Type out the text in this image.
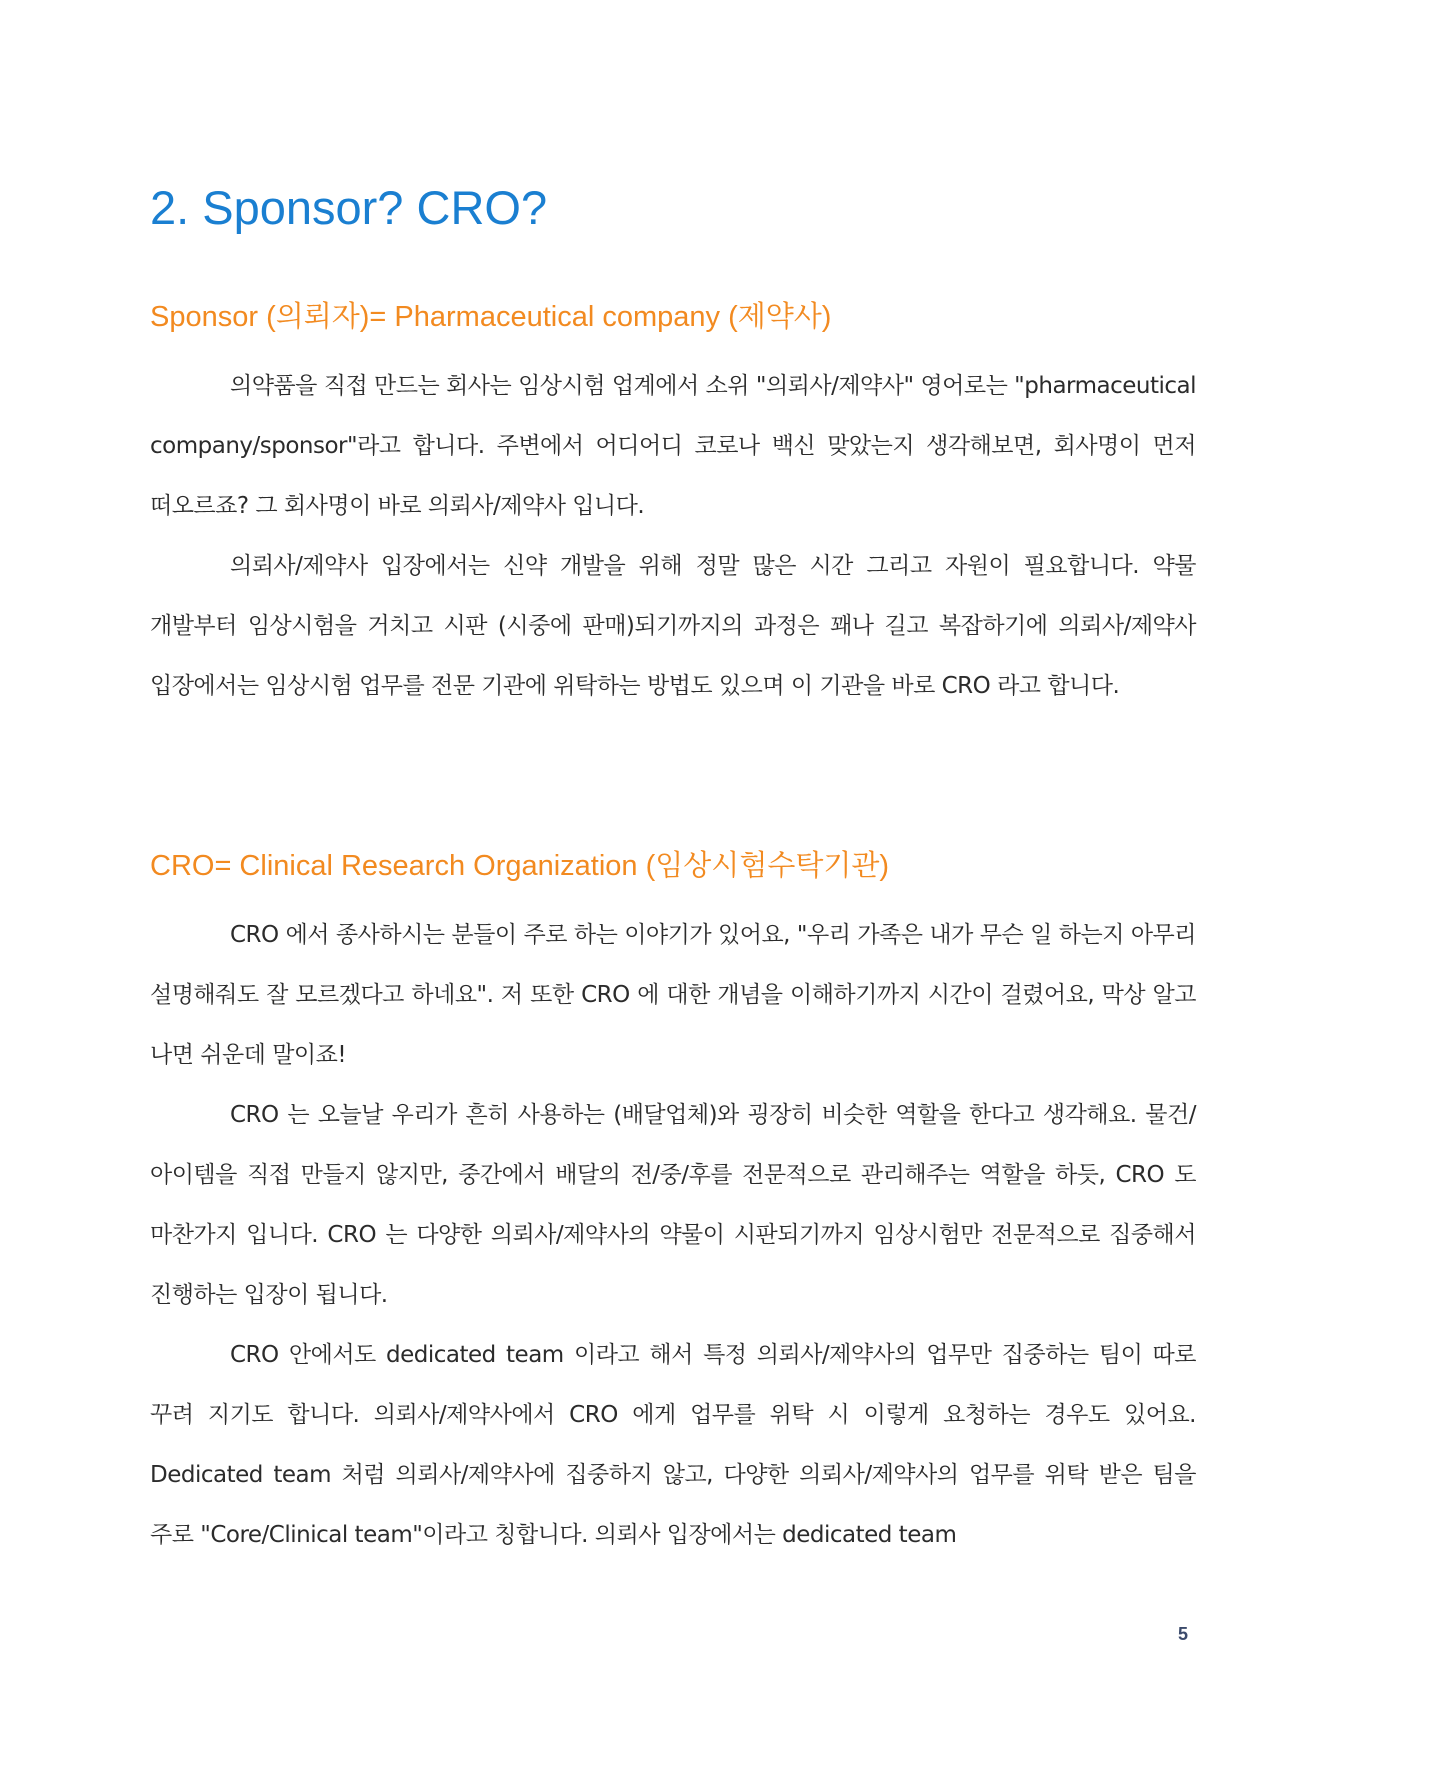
2. Sponsor? CRO?
Sponsor (의뢰자)= Pharmaceutical company (제약사)

의약품을 직접 만드는 회사는 임상시험 업계에서 소위 "의뢰사/제약사" 영어로는 "pharmaceutical company/sponsor"라고 합니다. 주변에서 어디어디 코로나 백신 맞았는지 생각해보면, 회사명이 먼저 떠오르죠? 그 회사명이 바로 의뢰사/제약사 입니다.

의뢰사/제약사 입장에서는 신약 개발을 위해 정말 많은 시간 그리고 자원이 필요합니다. 약물 개발부터 임상시험을 거치고 시판 (시중에 판매)되기까지의 과정은 꽤나 길고 복잡하기에 의뢰사/제약사 입장에서는 임상시험 업무를 전문 기관에 위탁하는 방법도 있으며 이 기관을 바로 CRO 라고 합니다.

CRO= Clinical Research Organization (임상시험수탁기관)

CRO 에서 종사하시는 분들이 주로 하는 이야기가 있어요, "우리 가족은 내가 무슨 일 하는지 아무리 설명해줘도 잘 모르겠다고 하네요". 저 또한 CRO 에 대한 개념을 이해하기까지 시간이 걸렸어요, 막상 알고 나면 쉬운데 말이죠!

CRO 는 오늘날 우리가 흔히 사용하는 (배달업체)와 굉장히 비슷한 역할을 한다고 생각해요. 물건/아이템을 직접 만들지 않지만, 중간에서 배달의 전/중/후를 전문적으로 관리해주는 역할을 하듯, CRO 도 마찬가지 입니다. CRO 는 다양한 의뢰사/제약사의 약물이 시판되기까지 임상시험만 전문적으로 집중해서 진행하는 입장이 됩니다.

CRO 안에서도 dedicated team 이라고 해서 특정 의뢰사/제약사의 업무만 집중하는 팀이 따로 꾸려 지기도 합니다. 의뢰사/제약사에서 CRO 에게 업무를 위탁 시 이렇게 요청하는 경우도 있어요. Dedicated team 처럼 의뢰사/제약사에 집중하지 않고, 다양한 의뢰사/제약사의 업무를 위탁 받은 팀을 주로 "Core/Clinical team"이라고 칭합니다. 의뢰사 입장에서는 dedicated team

5
